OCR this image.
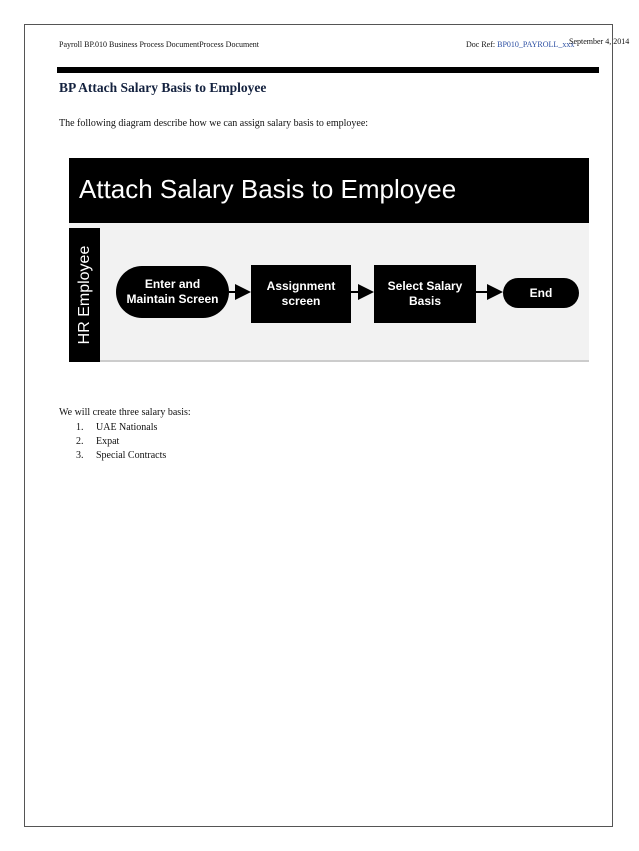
Payroll BP.010 Business Process DocumentProcess Document	Doc Ref: BP010_PAYROLL_xxx
September 4, 2014
BP Attach Salary Basis to Employee
The following diagram describe how we can assign salary basis to employee:
Attach Salary Basis to Employee
HR Employee	Enter and
Maintain Screen
Assignment
screen
Select Salary
Basis
End
We will create three salary basis:
1. UAE Nationals
2. Expat
3. Special Contracts
